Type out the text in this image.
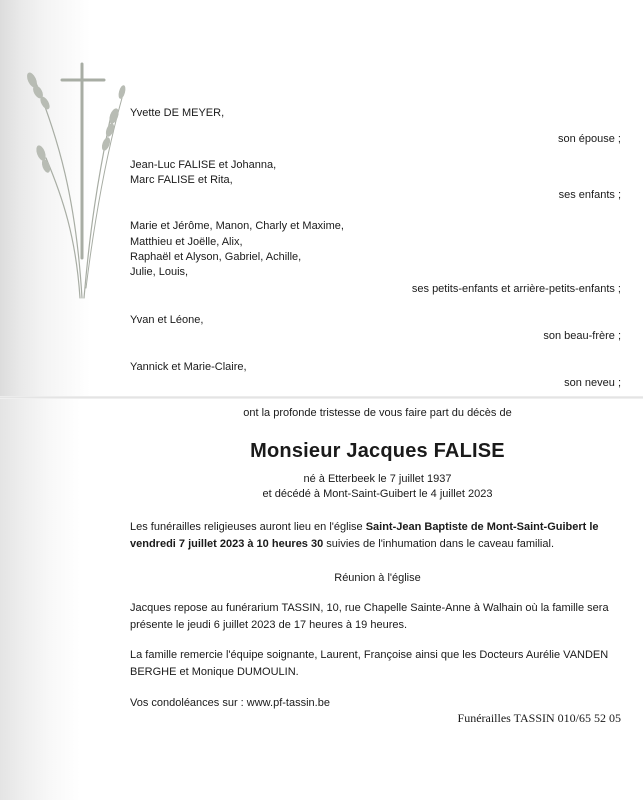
Yvette DE MEYER,
son épouse ;
Jean-Luc FALISE et Johanna,
Marc FALISE et Rita,
ses enfants ;
Marie et Jérôme, Manon, Charly et Maxime,
Matthieu et Joëlle, Alix,
Raphaël et Alyson, Gabriel, Achille,
Julie, Louis,
ses petits-enfants et arrière-petits-enfants ;
Yvan et Léone,
son beau-frère ;
Yannick et Marie-Claire,
son neveu ;
ont la profonde tristesse de vous faire part du décès de
Monsieur Jacques FALISE
né à Etterbeek le 7 juillet 1937
et décédé à Mont-Saint-Guibert le 4 juillet 2023
Les funérailles religieuses auront lieu en l'église Saint-Jean Baptiste de Mont-Saint-Guibert le
vendredi 7 juillet 2023 à 10 heures 30 suivies de l'inhumation dans le caveau familial.
Réunion à l'église
Jacques repose au funérarium TASSIN, 10, rue Chapelle Sainte-Anne à Walhain où la famille sera présente le jeudi 6 juillet 2023 de 17 heures à 19 heures.
La famille remercie l'équipe soignante, Laurent, Françoise ainsi que les Docteurs Aurélie VANDEN BERGHE et Monique DUMOULIN.
Vos condoléances sur : www.pf-tassin.be
Funérailles TASSIN 010/65 52 05
